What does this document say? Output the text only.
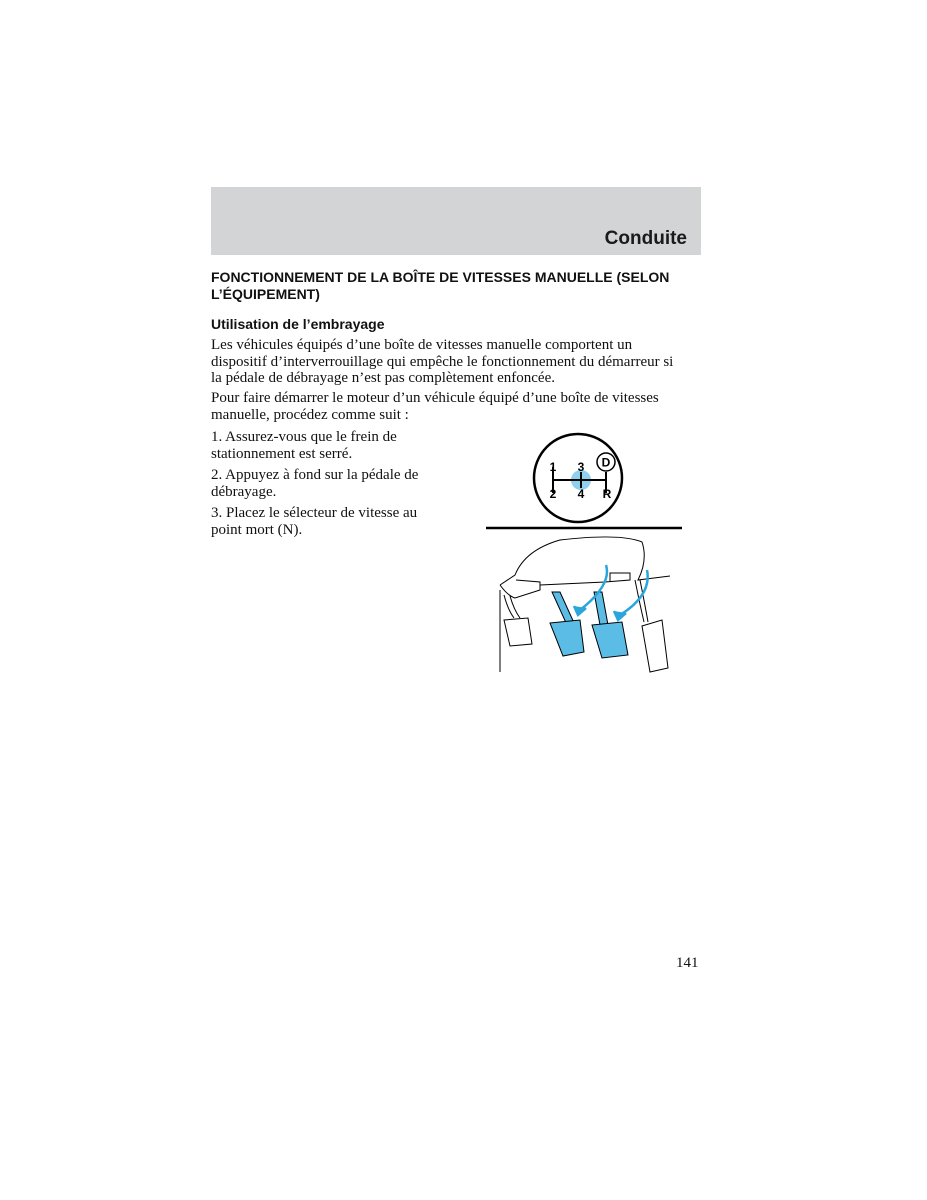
Conduite
FONCTIONNEMENT DE LA BOÎTE DE VITESSES MANUELLE (SELON L’ÉQUIPEMENT)
Utilisation de l’embrayage
Les véhicules équipés d’une boîte de vitesses manuelle comportent un dispositif d’interverrouillage qui empêche le fonctionnement du démarreur si la pédale de débrayage n’est pas complètement enfoncée.
Pour faire démarrer le moteur d’un véhicule équipé d’une boîte de vitesses manuelle, procédez comme suit :
1. Assurez-vous que le frein de stationnement est serré.
2. Appuyez à fond sur la pédale de débrayage.
3. Placez le sélecteur de vitesse au point mort (N).
1
2
3
4 R
D
141
